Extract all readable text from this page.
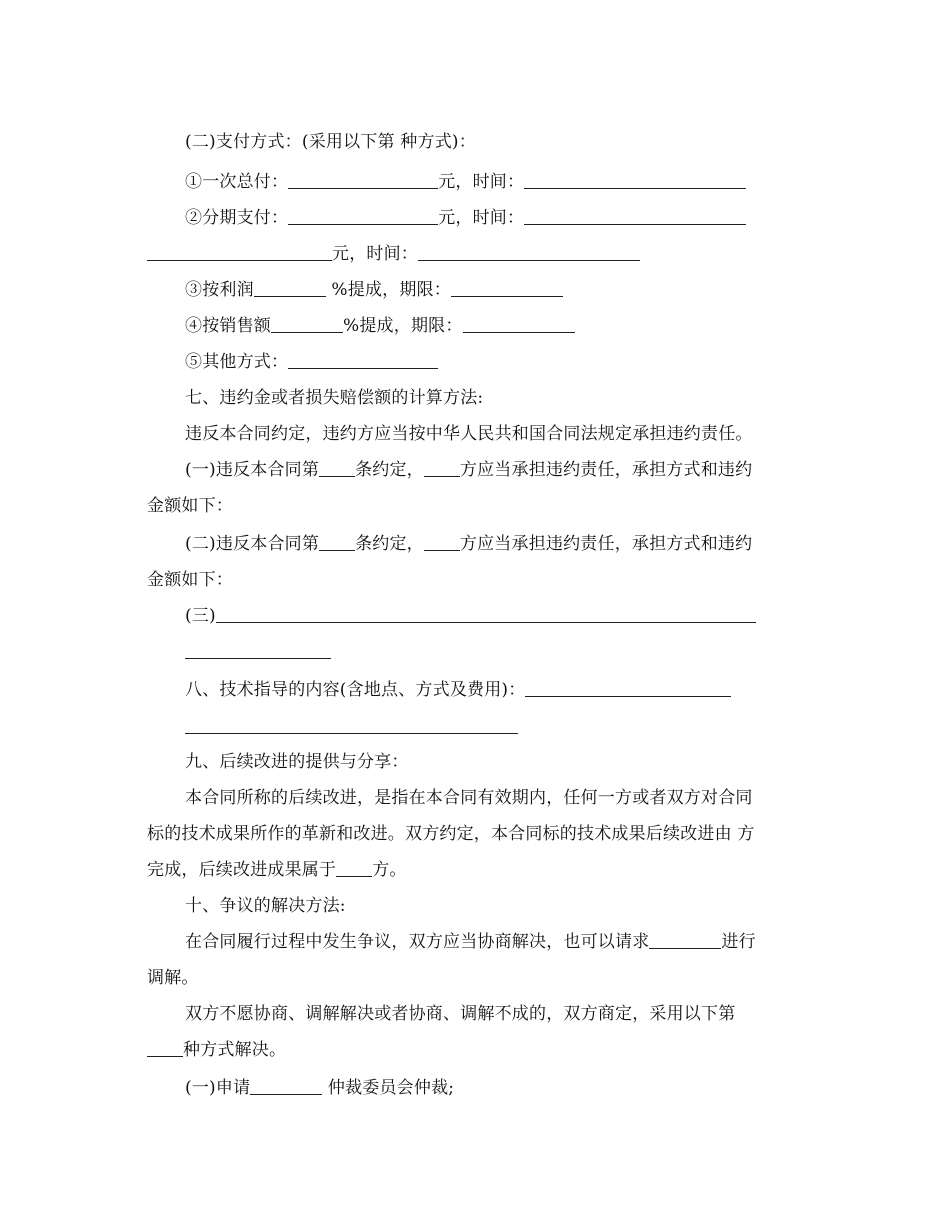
(二)支付方式：(采用以下第 种方式)：
①一次总付：	元，时间：
②分期支付：	元，时间：
元，时间：
③按利润	%提成，期限：
④按销售额	%提成，期限：
⑤其他方式：
七、违约金或者损失赔偿额的计算方法:
违反本合同约定，违约方应当按中华人民共和国合同法规定承担违约责任。
(一)违反本合同第 条约定， 方应当承担违约责任，承担方式和违约
金额如下：
(二)违反本合同第 条约定， 方应当承担违约责任，承担方式和违约
金额如下：
(三)
八、技术指导的内容(含地点、方式及费用)：
九、后续改进的提供与分享：
本合同所称的后续改进，是指在本合同有效期内，任何一方或者双方对合同
标的技术成果所作的革新和改进。双方约定，本合同标的技术成果后续改进由 方
完成，后续改进成果属于 方。
十、争议的解决方法:
在合同履行过程中发生争议，双方应当协商解决，也可以请求	进行
调解。
双方不愿协商、调解解决或者协商、调解不成的，双方商定，采用以下第
种方式解决。
(一)申请	仲裁委员会仲裁;
